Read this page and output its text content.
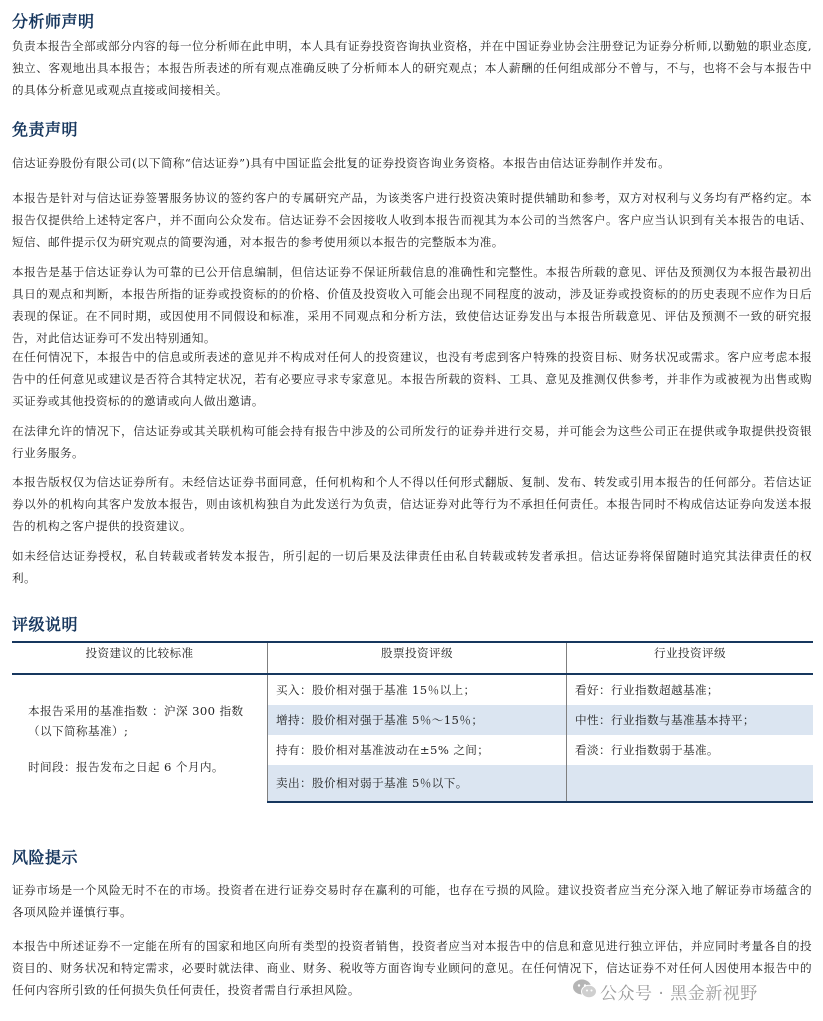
分析师声明
负责本报告全部或部分内容的每一位分析师在此申明，本人具有证券投资咨询执业资格，并在中国证券业协会注册登记为证券分析师,以勤勉的职业态度,独立、客观地出具本报告；本报告所表述的所有观点准确反映了分析师本人的研究观点；本人薪酬的任何组成部分不曾与，不与，也将不会与本报告中的具体分析意见或观点直接或间接相关。
免责声明
信达证券股份有限公司(以下简称“信达证券”)具有中国证监会批复的证券投资咨询业务资格。本报告由信达证券制作并发布。
本报告是针对与信达证券签署服务协议的签约客户的专属研究产品，为该类客户进行投资决策时提供辅助和参考，双方对权利与义务均有严格约定。本报告仅提供给上述特定客户，并不面向公众发布。信达证券不会因接收人收到本报告而视其为本公司的当然客户。客户应当认识到有关本报告的电话、短信、邮件提示仅为研究观点的简要沟通，对本报告的参考使用须以本报告的完整版本为准。
本报告是基于信达证券认为可靠的已公开信息编制，但信达证券不保证所载信息的准确性和完整性。本报告所载的意见、评估及预测仅为本报告最初出具日的观点和判断，本报告所指的证券或投资标的的价格、价值及投资收入可能会出现不同程度的波动，涉及证券或投资标的的历史表现不应作为日后表现的保证。在不同时期，或因使用不同假设和标准，采用不同观点和分析方法，致使信达证券发出与本报告所载意见、评估及预测不一致的研究报告，对此信达证券可不发出特别通知。
在任何情况下，本报告中的信息或所表述的意见并不构成对任何人的投资建议，也没有考虑到客户特殊的投资目标、财务状况或需求。客户应考虑本报告中的任何意见或建议是否符合其特定状况，若有必要应寻求专家意见。本报告所载的资料、工具、意见及推测仅供参考，并非作为或被视为出售或购买证券或其他投资标的的邀请或向人做出邀请。
在法律允许的情况下，信达证券或其关联机构可能会持有报告中涉及的公司所发行的证券并进行交易，并可能会为这些公司正在提供或争取提供投资银行业务服务。
本报告版权仅为信达证券所有。未经信达证券书面同意，任何机构和个人不得以任何形式翻版、复制、发布、转发或引用本报告的任何部分。若信达证券以外的机构向其客户发放本报告，则由该机构独自为此发送行为负责，信达证券对此等行为不承担任何责任。本报告同时不构成信达证券向发送本报告的机构之客户提供的投资建议。
如未经信达证券授权，私自转载或者转发本报告，所引起的一切后果及法律责任由私自转载或转发者承担。信达证券将保留随时追究其法律责任的权利。
评级说明
投资建议的比较标准	股票投资评级	行业投资评级

本报告采用的基准指数 ：沪深 300 指数
（以下简称基准）;
时间段：报告发布之日起 6 个月内。	买入：股价相对强于基准 15％以上；	看好：行业指数超越基准；
	增持：股价相对强于基准 5％～15％；	中性：行业指数与基准基本持平；
	持有：股价相对基准波动在±5% 之间；	看淡：行业指数弱于基准。
	卖出：股价相对弱于基准 5％以下。	
风险提示
证券市场是一个风险无时不在的市场。投资者在进行证券交易时存在赢利的可能，也存在亏损的风险。建议投资者应当充分深入地了解证券市场蕴含的各项风险并谨慎行事。
本报告中所述证券不一定能在所有的国家和地区向所有类型的投资者销售，投资者应当对本报告中的信息和意见进行独立评估，并应同时考量各自的投资目的、财务状况和特定需求，必要时就法律、商业、财务、税收等方面咨询专业顾问的意见。在任何情况下，信达证券不对任何人因使用本报告中的任何内容所引致的任何损失负任何责任，投资者需自行承担风险。	公众号 · 黑金新视野
